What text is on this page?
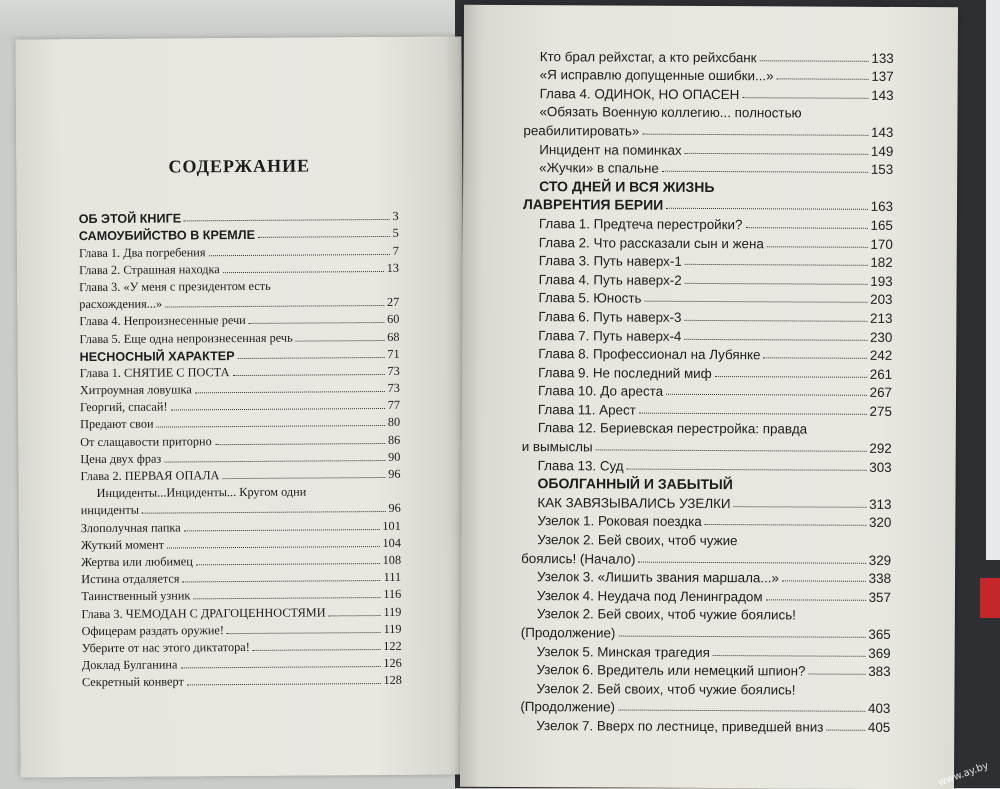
СОДЕРЖАНИЕ
ОБ ЭТОЙ КНИГЕ	3
САМОУБИЙСТВО В КРЕМЛЕ	5
Глава 1. Два погребения	7
Глава 2. Страшная находка	13
Глава 3. «У меня с президентом есть
расхождения...»	27
Глава 4. Непроизнесенные речи	60
Глава 5. Еще одна непроизнесенная речь	68
НЕСНОСНЫЙ ХАРАКТЕР	71
Глава 1. СНЯТИЕ С ПОСТА	73
Хитроумная ловушка	73
Георгий, спасай!	77
Предают свои	80
От слащавости приторно	86
Цена двух фраз	90
Глава 2. ПЕРВАЯ ОПАЛА	96
Инциденты...Инциденты... Кругом одни
инциденты	96
Злополучная папка	101
Жуткий момент	104
Жертва или любимец	108
Истина отдаляется	111
Таинственный узник	116
Глава 3. ЧЕМОДАН С ДРАГОЦЕННОСТЯМИ	119
Офицерам раздать оружие!	119
Уберите от нас этого диктатора!	122
Доклад Булганина	126
Секретный конверт	128
Кто брал рейхстаг, а кто рейхсбанк	133
«Я исправлю допущенные ошибки...»	137
Глава 4. ОДИНОК, НО ОПАСЕН	143
«Обязать Военную коллегию... полностью
реабилитировать»	143
Инцидент на поминках	149
«Жучки» в спальне	153
СТО ДНЕЙ И ВСЯ ЖИЗНЬ
ЛАВРЕНТИЯ БЕРИИ	163
Глава 1. Предтеча перестройки?	165
Глава 2. Что рассказали сын и жена	170
Глава 3. Путь наверх-1	182
Глава 4. Путь наверх-2	193
Глава 5. Юность	203
Глава 6. Путь наверх-3	213
Глава 7. Путь наверх-4	230
Глава 8. Профессионал на Лубянке	242
Глава 9. Не последний миф	261
Глава 10. До ареста	267
Глава 11. Арест	275
Глава 12. Бериевская перестройка: правда
и вымыслы	292
Глава 13. Суд	303
ОБОЛГАННЫЙ И ЗАБЫТЫЙ
КАК ЗАВЯЗЫВАЛИСЬ УЗЕЛКИ	313
Узелок 1. Роковая поездка	320
Узелок 2. Бей своих, чтоб чужие
боялись! (Начало)	329
Узелок 3. «Лишить звания маршала...»	338
Узелок 4. Неудача под Ленинградом	357
Узелок 2. Бей своих, чтоб чужие боялись!
(Продолжение)	365
Узелок 5. Минская трагедия	369
Узелок 6. Вредитель или немецкий шпион?	383
Узелок 2. Бей своих, чтоб чужие боялись!
(Продолжение)	403
Узелок 7. Вверх по лестнице, приведшей вниз	405
www.ay.by
